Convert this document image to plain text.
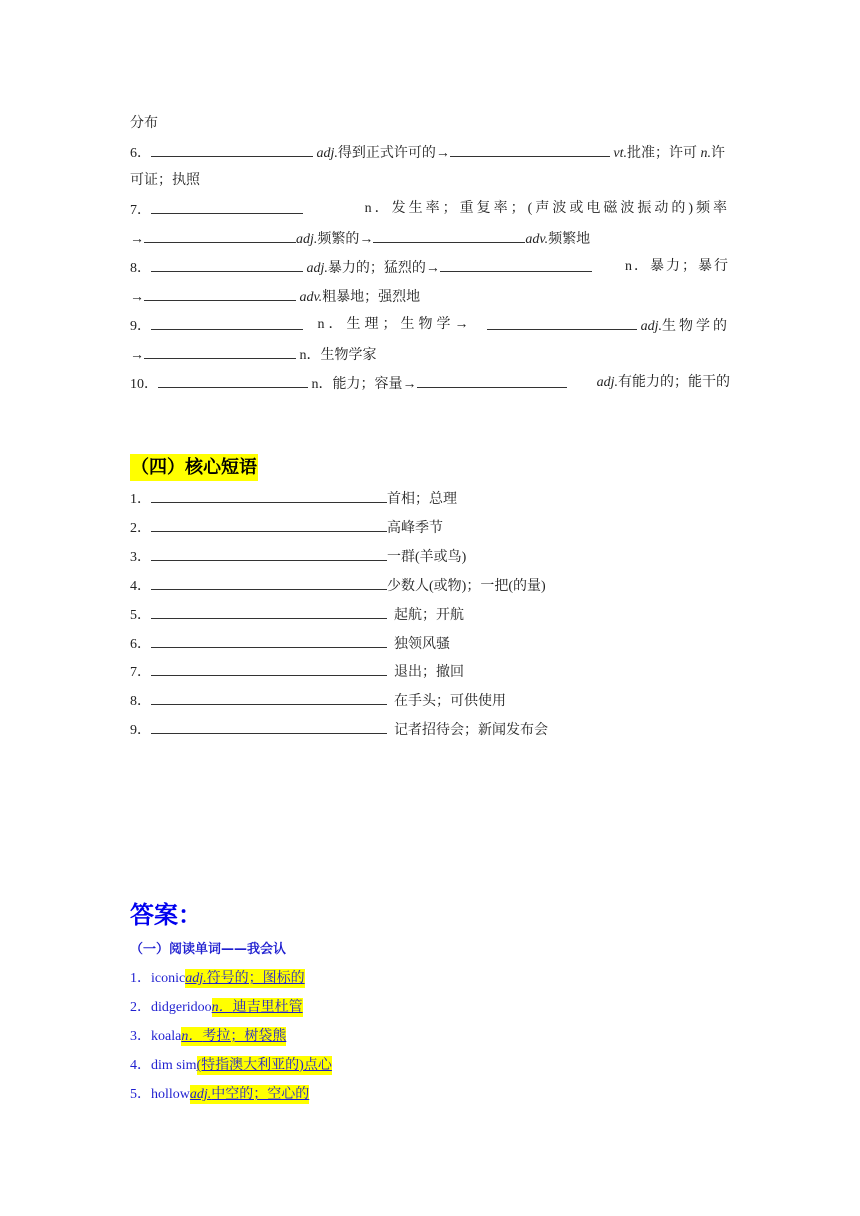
分布
6．	adj.得到正式许可的→	vt.批准；许可 n.许
可证；执照
7．	n．发生率；重复率；(声波或电磁波振动的)频率
→	adj.频繁的→	adv.频繁地
8．	adj.暴力的；猛烈的→	n．暴力；暴行
→	adv.粗暴地；强烈地
9．	n．生理；生物学→	adj.生物学的
→	n．生物学家
10．	n．能力；容量→	adj.有能力的；能干的
（四）核心短语
1．	首相；总理
2．	高峰季节
3．	一群(羊或鸟)
4．	少数人(或物)；一把(的量)
5．	起航；开航
6．	独领风骚
7．	退出；撤回
8．	在手头；可供使用
9．	记者招待会；新闻发布会
答案：
（一）阅读单词——我会认
1．iconicadj.符号的；图标的
2．didgeridoon．迪吉里杜管
3．koalan．考拉；树袋熊
4．dim sim(特指澳大利亚的)点心
5．hollowadj.中空的；空心的
